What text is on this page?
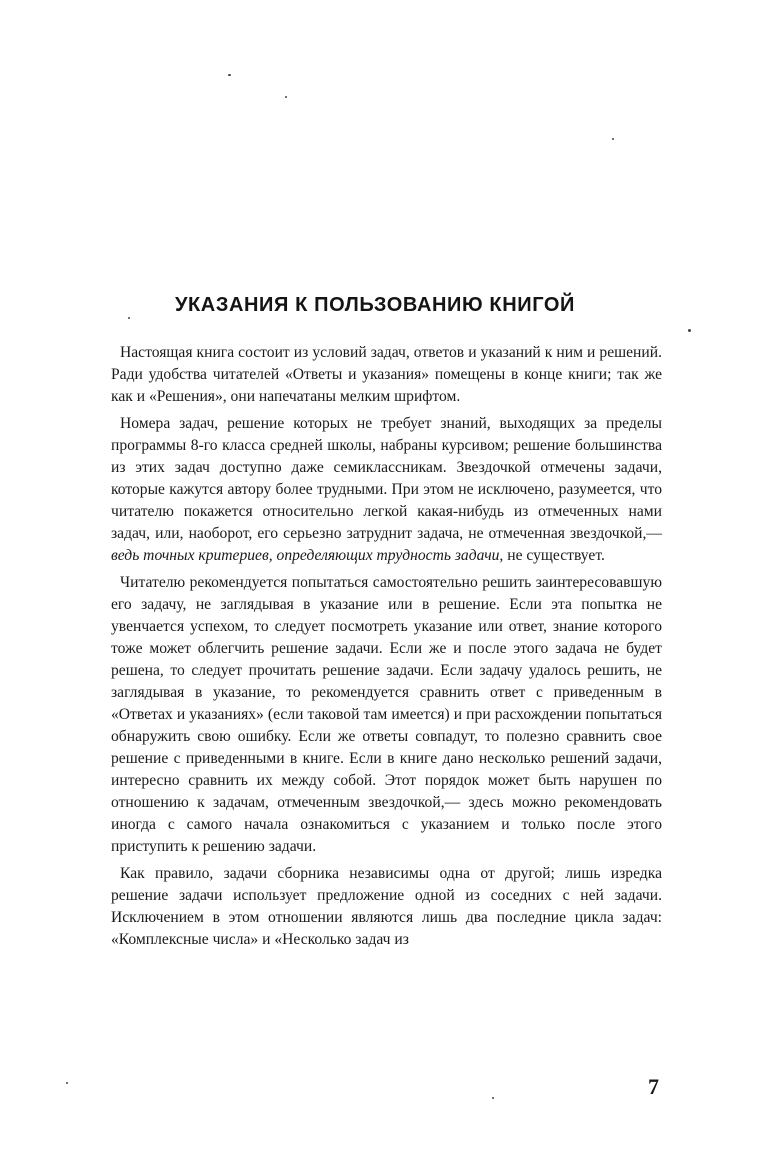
УКАЗАНИЯ К ПОЛЬЗОВАНИЮ КНИГОЙ

Настоящая книга состоит из условий задач, ответов и указаний к ним и решений. Ради удобства читателей «Ответы и указания» помещены в конце книги; так же как и «Решения», они напечатаны мелким шрифтом.

Номера задач, решение которых не требует знаний, выходящих за пределы программы 8-го класса средней школы, набраны курсивом; решение большинства из этих задач доступно даже семиклассникам. Звездочкой отмечены задачи, которые кажутся автору более трудными. При этом не исключено, разумеется, что читателю покажется относительно легкой какая-нибудь из отмеченных нами задач, или, наоборот, его серьезно затруднит задача, не отмеченная звездочкой,— ведь точных критериев, определяющих трудность задачи, не существует.

Читателю рекомендуется попытаться самостоятельно решить заинтересовавшую его задачу, не заглядывая в указание или в решение. Если эта попытка не увенчается успехом, то следует посмотреть указание или ответ, знание которого тоже может облегчить решение задачи. Если же и после этого задача не будет решена, то следует прочитать решение задачи. Если задачу удалось решить, не заглядывая в указание, то рекомендуется сравнить ответ с приведенным в «Ответах и указаниях» (если таковой там имеется) и при расхождении попытаться обнаружить свою ошибку. Если же ответы совпадут, то полезно сравнить свое решение с приведенными в книге. Если в книге дано несколько решений задачи, интересно сравнить их между собой. Этот порядок может быть нарушен по отношению к задачам, отмеченным звездочкой,— здесь можно рекомендовать иногда с самого начала ознакомиться с указанием и только после этого приступить к решению задачи.

Как правило, задачи сборника независимы одна от другой; лишь изредка решение задачи использует предложение одной из соседних с ней задачи. Исключением в этом отношении являются лишь два последние цикла задач: «Комплексные числа» и «Несколько задач из

7
